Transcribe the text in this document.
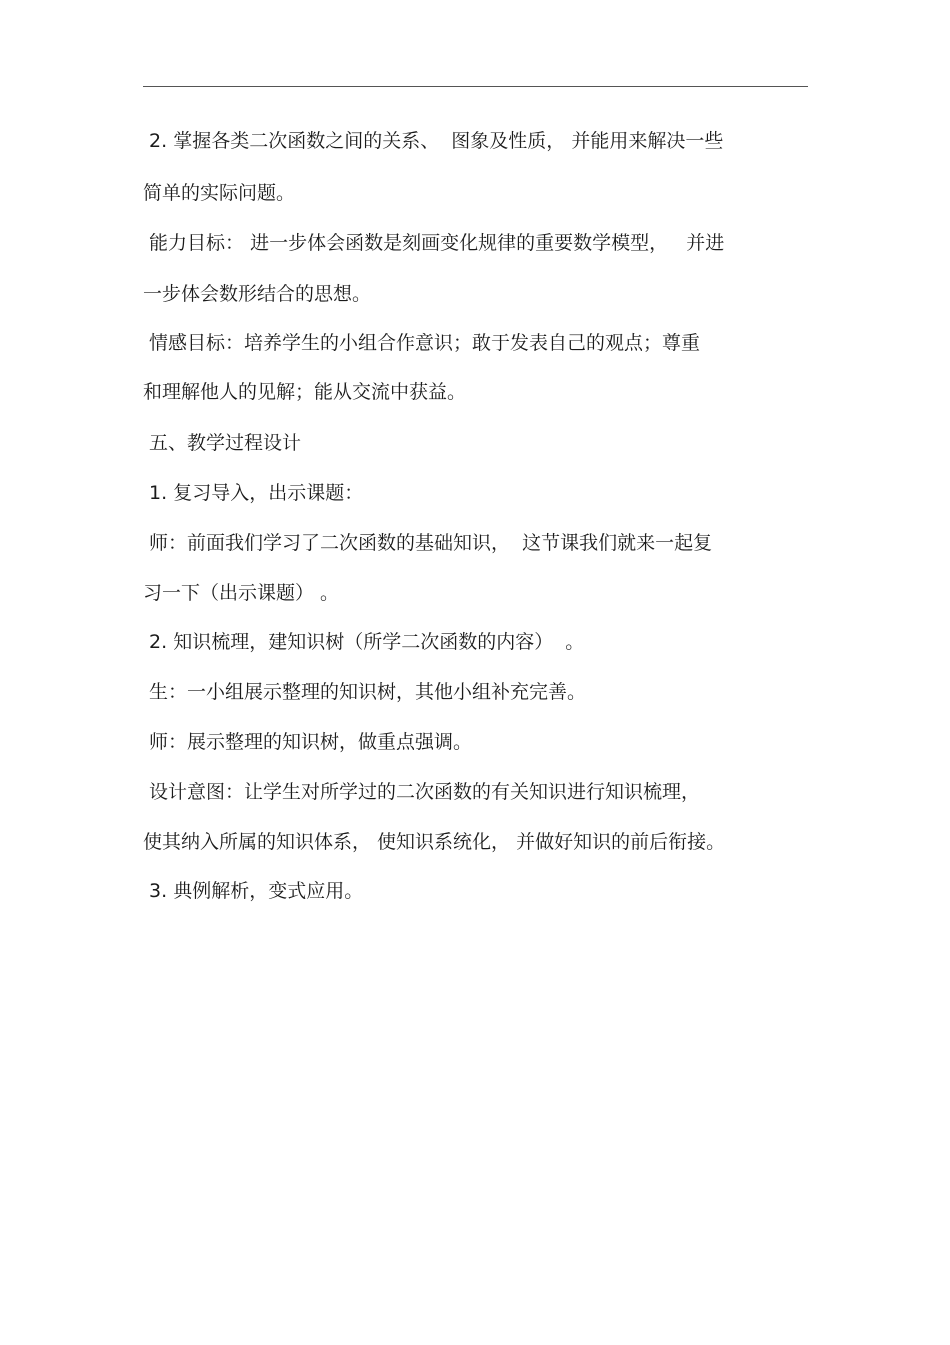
2. 掌握各类二次函数之间的关系、  图象及性质， 并能用来解决一些
简单的实际问题。
能力目标： 进一步体会函数是刻画变化规律的重要数学模型，   并进
一步体会数形结合的思想。
情感目标：培养学生的小组合作意识；敢于发表自己的观点；尊重
和理解他人的见解；能从交流中获益。
五、教学过程设计
1. 复习导入，出示课题：
师：前面我们学习了二次函数的基础知识，  这节课我们就来一起复
习一下（出示课题） 。
2. 知识梳理，建知识树（所学二次函数的内容）  。
生：一小组展示整理的知识树，其他小组补充完善。
师：展示整理的知识树，做重点强调。
设计意图：让学生对所学过的二次函数的有关知识进行知识梳理，
使其纳入所属的知识体系， 使知识系统化， 并做好知识的前后衔接。
3. 典例解析，变式应用。
